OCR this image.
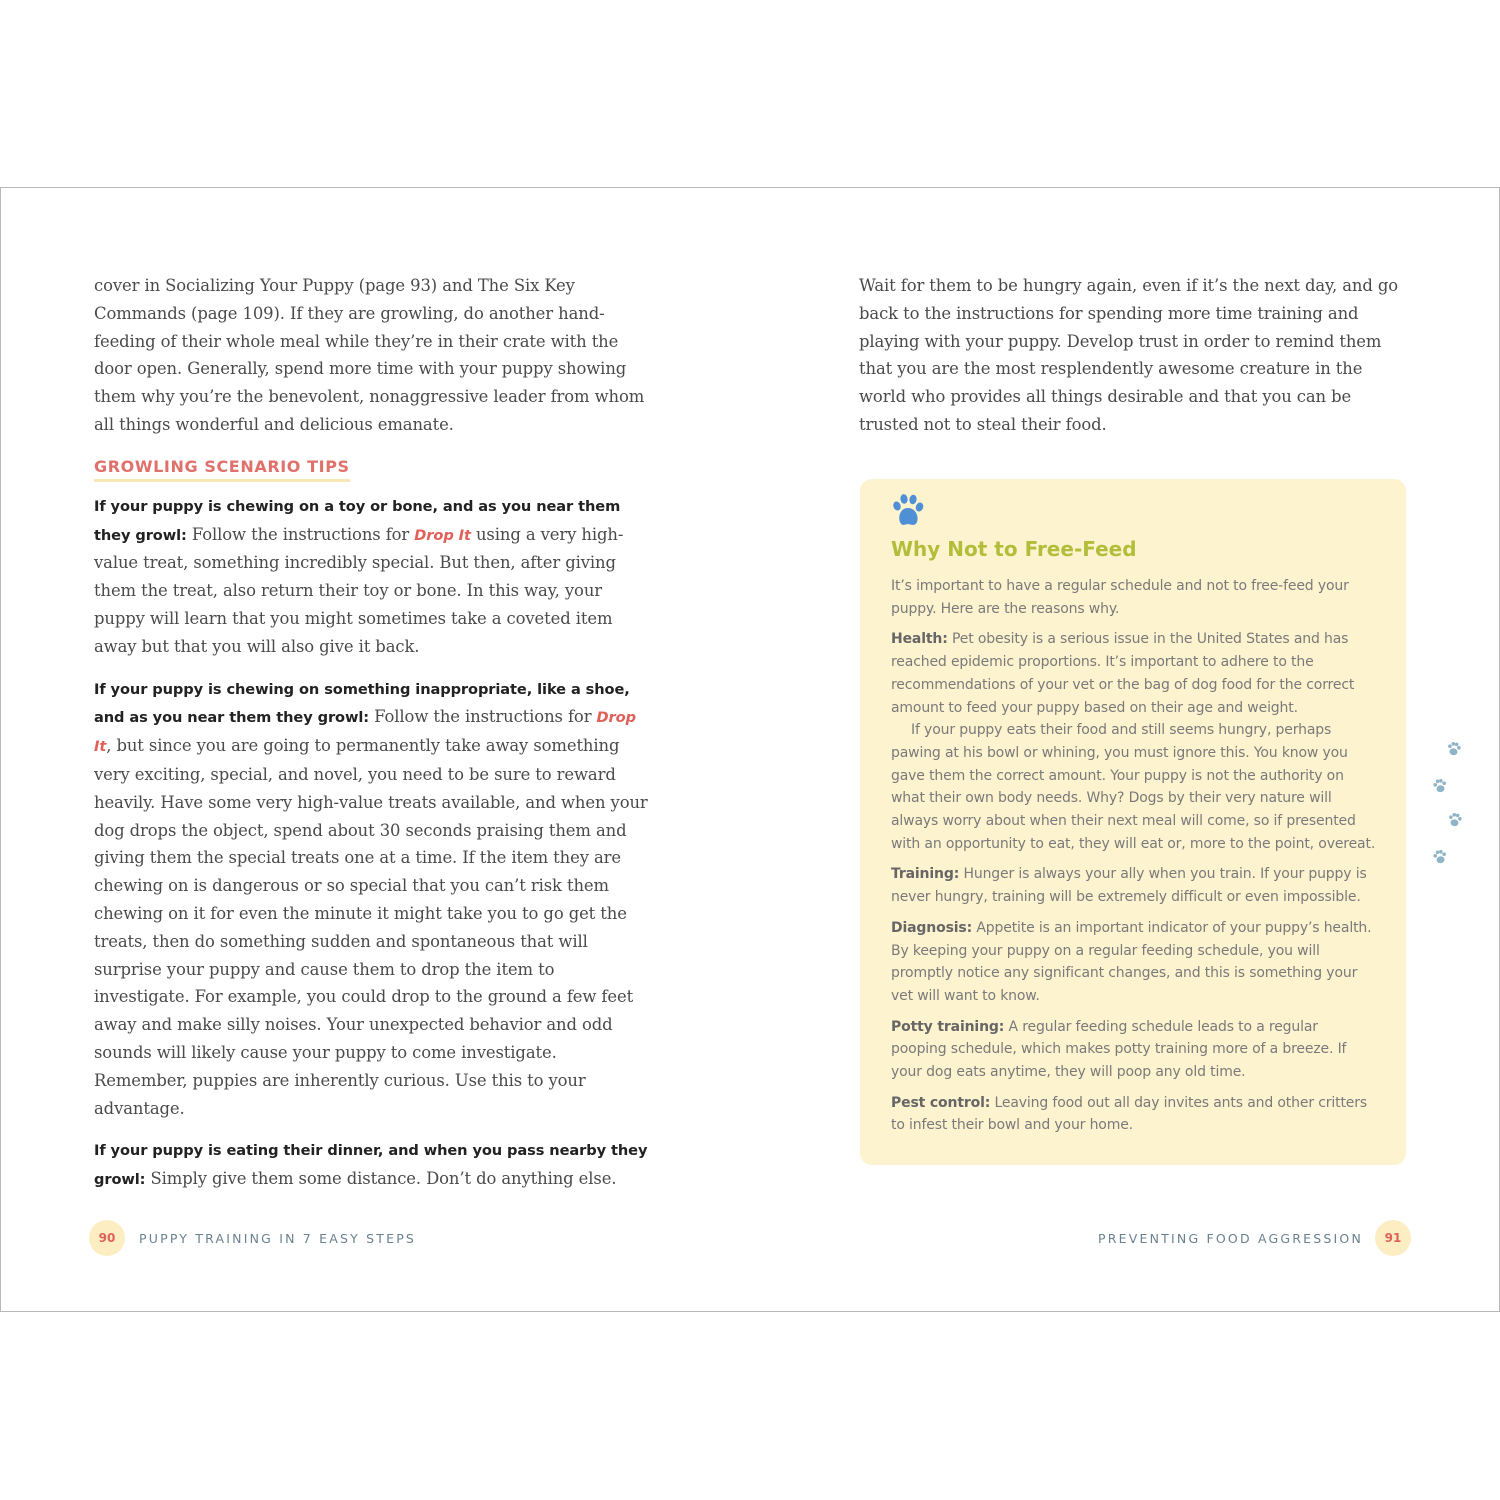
cover in Socializing Your Puppy (page 93) and The Six Key Commands (page 109). If they are growling, do another hand-feeding of their whole meal while they’re in their crate with the door open. Generally, spend more time with your puppy showing them why you’re the benevolent, nonaggressive leader from whom all things wonderful and delicious emanate.

GROWLING SCENARIO TIPS

If your puppy is chewing on a toy or bone, and as you near them they growl: Follow the instructions for Drop It using a very high-value treat, something incredibly special. But then, after giving them the treat, also return their toy or bone. In this way, your puppy will learn that you might sometimes take a coveted item away but that you will also give it back.

If your puppy is chewing on something inappropriate, like a shoe, and as you near them they growl: Follow the instructions for Drop It, but since you are going to permanently take away something very exciting, special, and novel, you need to be sure to reward heavily. Have some very high-value treats available, and when your dog drops the object, spend about 30 seconds praising them and giving them the special treats one at a time. If the item they are chewing on is dangerous or so special that you can’t risk them chewing on it for even the minute it might take you to go get the treats, then do something sudden and spontaneous that will surprise your puppy and cause them to drop the item to investigate. For example, you could drop to the ground a few feet away and make silly noises. Your unexpected behavior and odd sounds will likely cause your puppy to come investigate. Remember, puppies are inherently curious. Use this to your advantage.

If your puppy is eating their dinner, and when you pass nearby they growl: Simply give them some distance. Don’t do anything else.

Wait for them to be hungry again, even if it’s the next day, and go back to the instructions for spending more time training and playing with your puppy. Develop trust in order to remind them that you are the most resplendently awesome creature in the world who provides all things desirable and that you can be trusted not to steal their food.

Why Not to Free-Feed

It’s important to have a regular schedule and not to free-feed your puppy. Here are the reasons why.

Health: Pet obesity is a serious issue in the United States and has reached epidemic proportions. It’s important to adhere to the recommendations of your vet or the bag of dog food for the correct amount to feed your puppy based on their age and weight.

If your puppy eats their food and still seems hungry, perhaps pawing at his bowl or whining, you must ignore this. You know you gave them the correct amount. Your puppy is not the authority on what their own body needs. Why? Dogs by their very nature will always worry about when their next meal will come, so if presented with an opportunity to eat, they will eat or, more to the point, overeat.

Training: Hunger is always your ally when you train. If your puppy is never hungry, training will be extremely difficult or even impossible.

Diagnosis: Appetite is an important indicator of your puppy’s health. By keeping your puppy on a regular feeding schedule, you will promptly notice any significant changes, and this is something your vet will want to know.

Potty training: A regular feeding schedule leads to a regular pooping schedule, which makes potty training more of a breeze. If your dog eats anytime, they will poop any old time.

Pest control: Leaving food out all day invites ants and other critters to infest their bowl and your home.

90	PUPPY TRAINING IN 7 EASY STEPS	PREVENTING FOOD AGGRESSION	91
